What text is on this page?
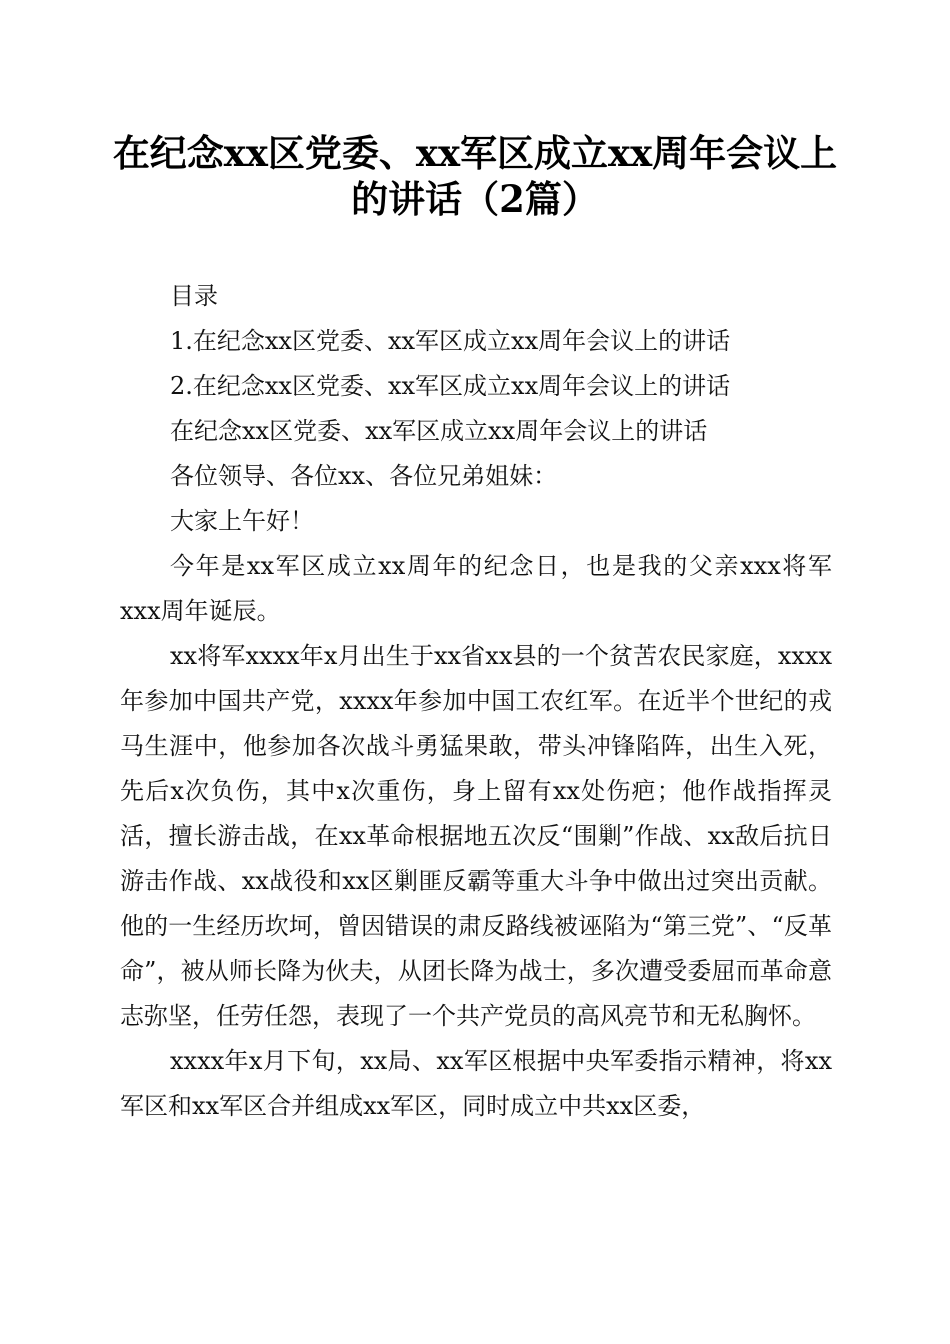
在纪念xx区党委、xx军区成立xx周年会议上
的讲话（2篇）

目录

1.在纪念xx区党委、xx军区成立xx周年会议上的讲话

2.在纪念xx区党委、xx军区成立xx周年会议上的讲话

在纪念xx区党委、xx军区成立xx周年会议上的讲话

各位领导、各位xx、各位兄弟姐妹：

大家上午好！

今年是xx军区成立xx周年的纪念日，也是我的父亲xxx将军xxx周年诞辰。

xx将军xxxx年x月出生于xx省xx县的一个贫苦农民家庭，xxxx年参加中国共产党，xxxx年参加中国工农红军。在近半个世纪的戎马生涯中，他参加各次战斗勇猛果敢，带头冲锋陷阵，出生入死，先后x次负伤，其中x次重伤，身上留有xx处伤疤；他作战指挥灵活，擅长游击战，在xx革命根据地五次反“围剿”作战、xx敌后抗日游击作战、xx战役和xx区剿匪反霸等重大斗争中做出过突出贡献。他的一生经历坎坷，曾因错误的肃反路线被诬陷为“第三党”、“反革命”，被从师长降为伙夫，从团长降为战士，多次遭受委屈而革命意志弥坚，任劳任怨，表现了一个共产党员的高风亮节和无私胸怀。

xxxx年x月下旬，xx局、xx军区根据中央军委指示精神，将xx军区和xx军区合并组成xx军区，同时成立中共xx区委，
